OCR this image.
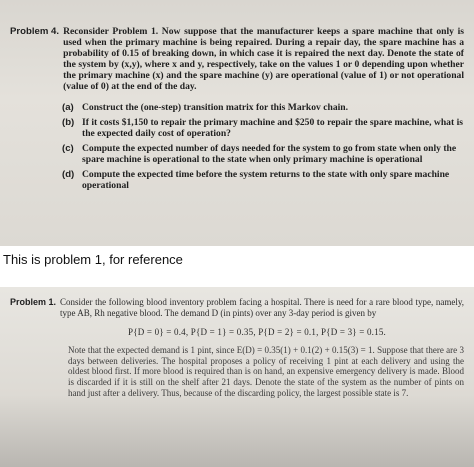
Problem 4. Reconsider Problem 1. Now suppose that the manufacturer keeps a spare machine that only is used when the primary machine is being repaired. During a repair day, the spare machine has a probability of 0.15 of breaking down, in which case it is repaired the next day. Denote the state of the system by (x,y), where x and y, respectively, take on the values 1 or 0 depending upon whether the primary machine (x) and the spare machine (y) are operational (value of 1) or not operational (value of 0) at the end of the day.
(a) Construct the (one-step) transition matrix for this Markov chain.
(b) If it costs $1,150 to repair the primary machine and $250 to repair the spare machine, what is the expected daily cost of operation?
(c) Compute the expected number of days needed for the system to go from state when only the spare machine is operational to the state when only primary machine is operational
(d) Compute the expected time before the system returns to the state with only spare machine operational
This is problem 1, for reference
Problem 1. Consider the following blood inventory problem facing a hospital. There is need for a rare blood type, namely, type AB, Rh negative blood. The demand D (in pints) over any 3-day period is given by
P{D = 0} = 0.4, P{D = 1} = 0.35, P{D = 2} = 0.1, P{D = 3} = 0.15.
Note that the expected demand is 1 pint, since E(D) = 0.35(1) + 0.1(2) + 0.15(3) = 1. Suppose that there are 3 days between deliveries. The hospital proposes a policy of receiving 1 pint at each delivery and using the oldest blood first. If more blood is required than is on hand, an expensive emergency delivery is made. Blood is discarded if it is still on the shelf after 21 days. Denote the state of the system as the number of pints on hand just after a delivery. Thus, because of the discarding policy, the largest possible state is 7.
